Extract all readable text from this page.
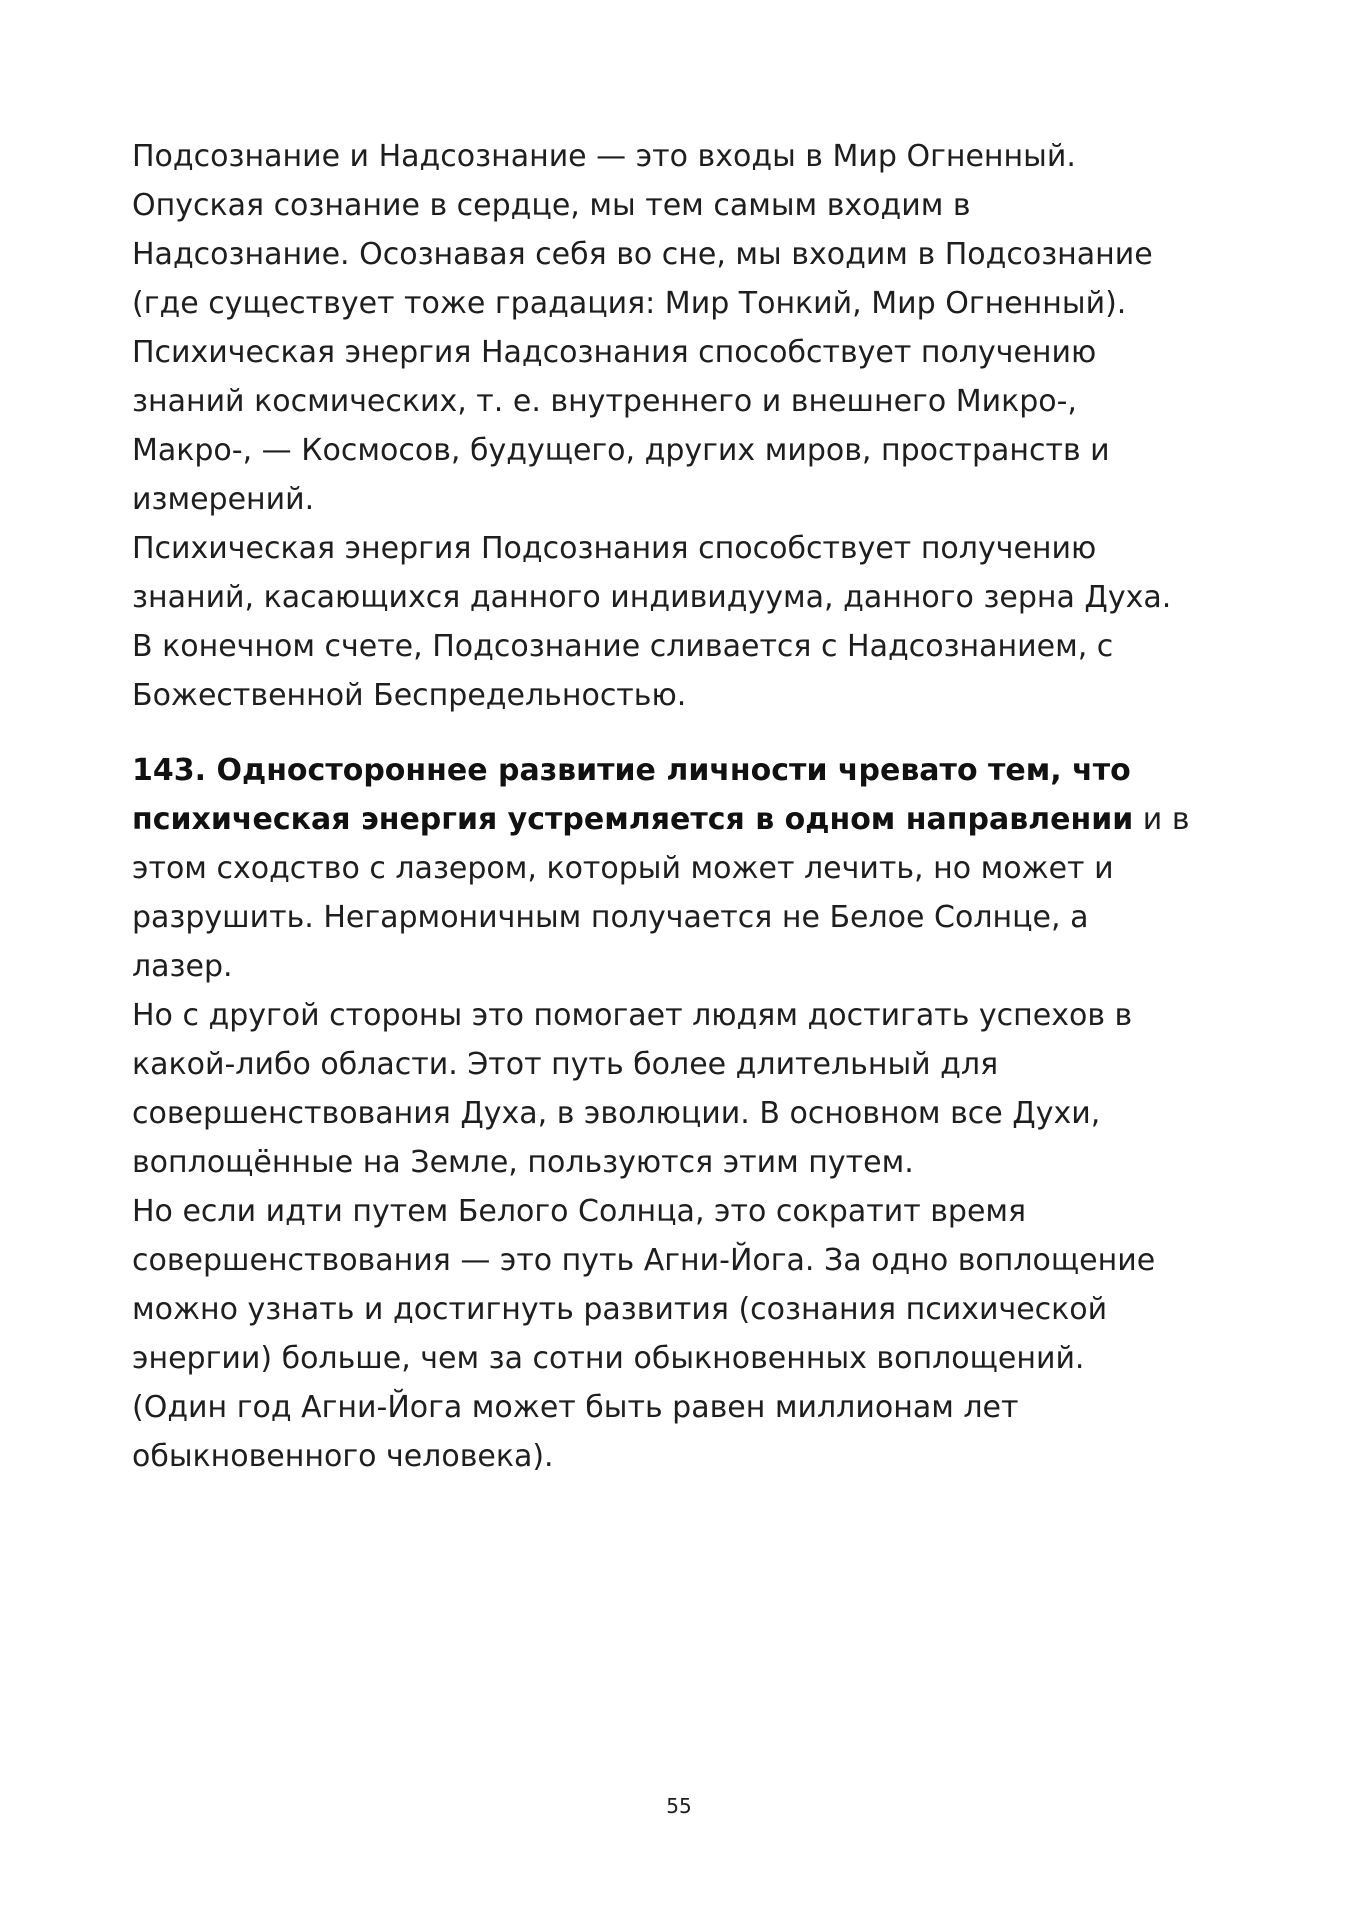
Подсознание и Надсознание — это входы в Мир Огненный.
Опуская сознание в сердце, мы тем самым входим в
Надсознание. Осознавая себя во сне, мы входим в Подсознание
(где существует тоже градация: Мир Тонкий, Мир Огненный).
Психическая энергия Надсознания способствует получению
знаний космических, т. е. внутреннего и внешнего Микро-,
Макро-, — Космосов, будущего, других миров, пространств и
измерений.
Психическая энергия Подсознания способствует получению
знаний, касающихся данного индивидуума, данного зерна Духа.
В конечном счете, Подсознание сливается с Надсознанием, с
Божественной Беспредельностью.
143. Одностороннее развитие личности чревато тем, что
психическая энергия устремляется в одном направлении и в
этом сходство с лазером, который может лечить, но может и
разрушить. Негармоничным получается не Белое Солнце, а
лазер.
Но с другой стороны это помогает людям достигать успехов в
какой-либо области. Этот путь более длительный для
совершенствования Духа, в эволюции. В основном все Духи,
воплощённые на Земле, пользуются этим путем.
Но если идти путем Белого Солнца, это сократит время
совершенствования — это путь Агни-Йога. За одно воплощение
можно узнать и достигнуть развития (сознания психической
энергии) больше, чем за сотни обыкновенных воплощений.
(Один год Агни-Йога может быть равен миллионам лет
обыкновенного человека).
55
